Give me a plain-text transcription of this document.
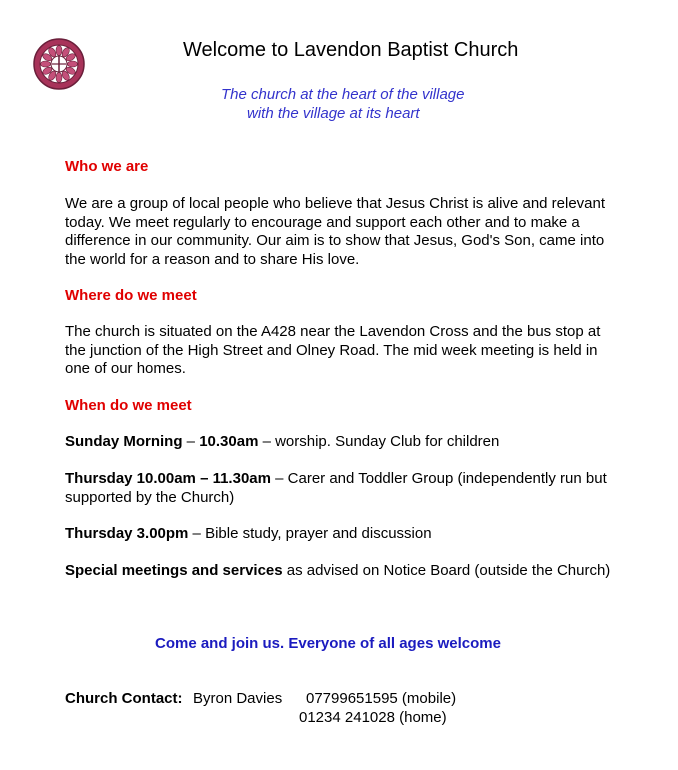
Welcome to Lavendon Baptist Church
The church at the heart of the village
with the village at its heart
Who we are
We are a group of local people who believe that Jesus Christ is alive and relevant today. We meet regularly to encourage and support each other and to make a difference in our community. Our aim is to show that Jesus, God's Son, came into the world for a reason and to share His love.
Where do we meet
The church is situated on the A428 near the Lavendon Cross and the bus stop at the junction of the High Street and Olney Road. The mid week meeting is held in one of our homes.
When do we meet
Sunday Morning – 10.30am – worship. Sunday Club for children
Thursday 10.00am – 11.30am – Carer and Toddler Group (independently run but supported by the Church)
Thursday 3.00pm – Bible study, prayer and discussion
Special meetings and services as advised on Notice Board (outside the Church)
Come and join us. Everyone of all ages welcome
Church Contact: Byron Davies 07799651595 (mobile)
01234 241028 (home)
